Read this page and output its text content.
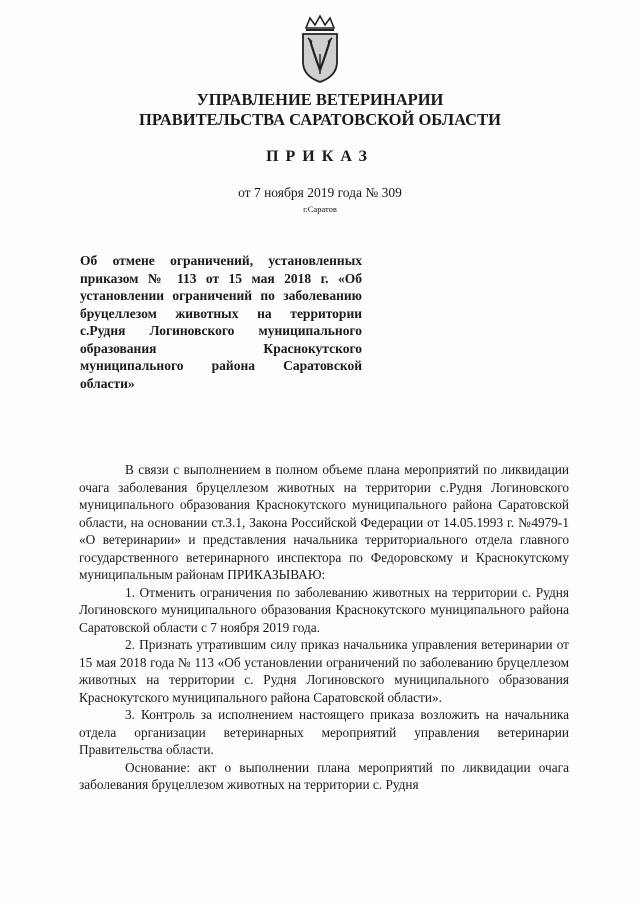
УПРАВЛЕНИЕ ВЕТЕРИНАРИИ
ПРАВИТЕЛЬСТВА САРАТОВСКОЙ ОБЛАСТИ
ПРИКАЗ
от 7 ноября 2019 года № 309
г.Саратов
Об отмене ограничений, установленных приказом № 113 от 15 мая 2018 г. «Об установлении ограничений по заболеванию бруцеллезом животных на территории с.Рудня Логиновского муниципального образования Краснокутского муниципального района Саратовской области»

В связи с выполнением в полном объеме плана мероприятий по ликвидации очага заболевания бруцеллезом животных на территории с.Рудня Логиновского муниципального образования Краснокутского муниципального района Саратовской области, на основании ст.3.1, Закона Российской Федерации от 14.05.1993 г. №4979-1 «О ветеринарии» и представления начальника территориального отдела главного государственного ветеринарного инспектора по Федоровскому и Краснокутскому муниципальным районам ПРИКАЗЫВАЮ:

1. Отменить ограничения по заболеванию животных на территории с. Рудня Логиновского муниципального образования Краснокутского муниципального района Саратовской области с 7 ноября 2019 года.

2. Признать утратившим силу приказ начальника управления ветеринарии от 15 мая 2018 года № 113 «Об установлении ограничений по заболеванию бруцеллезом животных на территории с. Рудня Логиновского муниципального образования Краснокутского муниципального района Саратовской области».

3. Контроль за исполнением настоящего приказа возложить на начальника отдела организации ветеринарных мероприятий управления ветеринарии Правительства области.

Основание: акт о выполнении плана мероприятий по ликвидации очага заболевания бруцеллезом животных на территории с. Рудня
